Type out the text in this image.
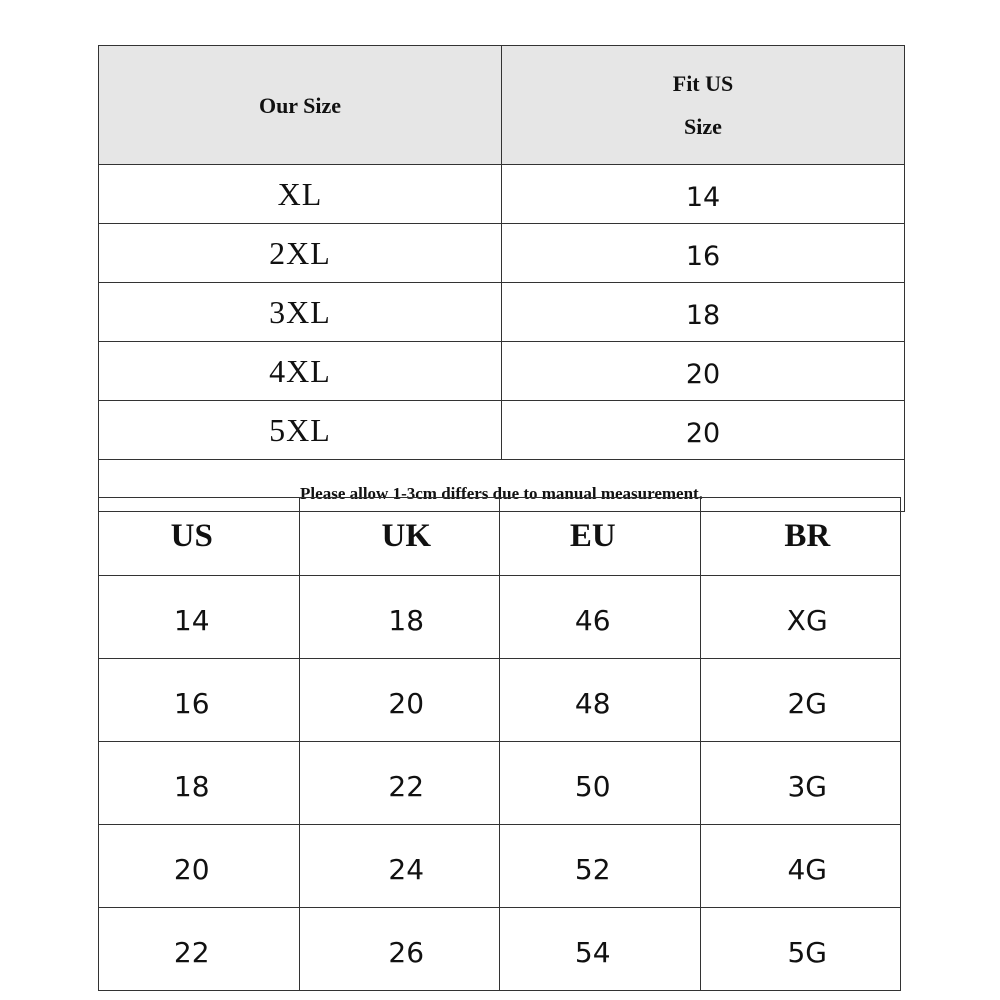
Our Size	Fit US
Size
XL	14
2XL	16
3XL	18
4XL	20
5XL	20
Please allow 1-3cm differs due to manual measurement.	
US	UK	EU	BR
14	18	46	XG
16	20	48	2G
18	22	50	3G
20	24	52	4G
22	26	54	5G
